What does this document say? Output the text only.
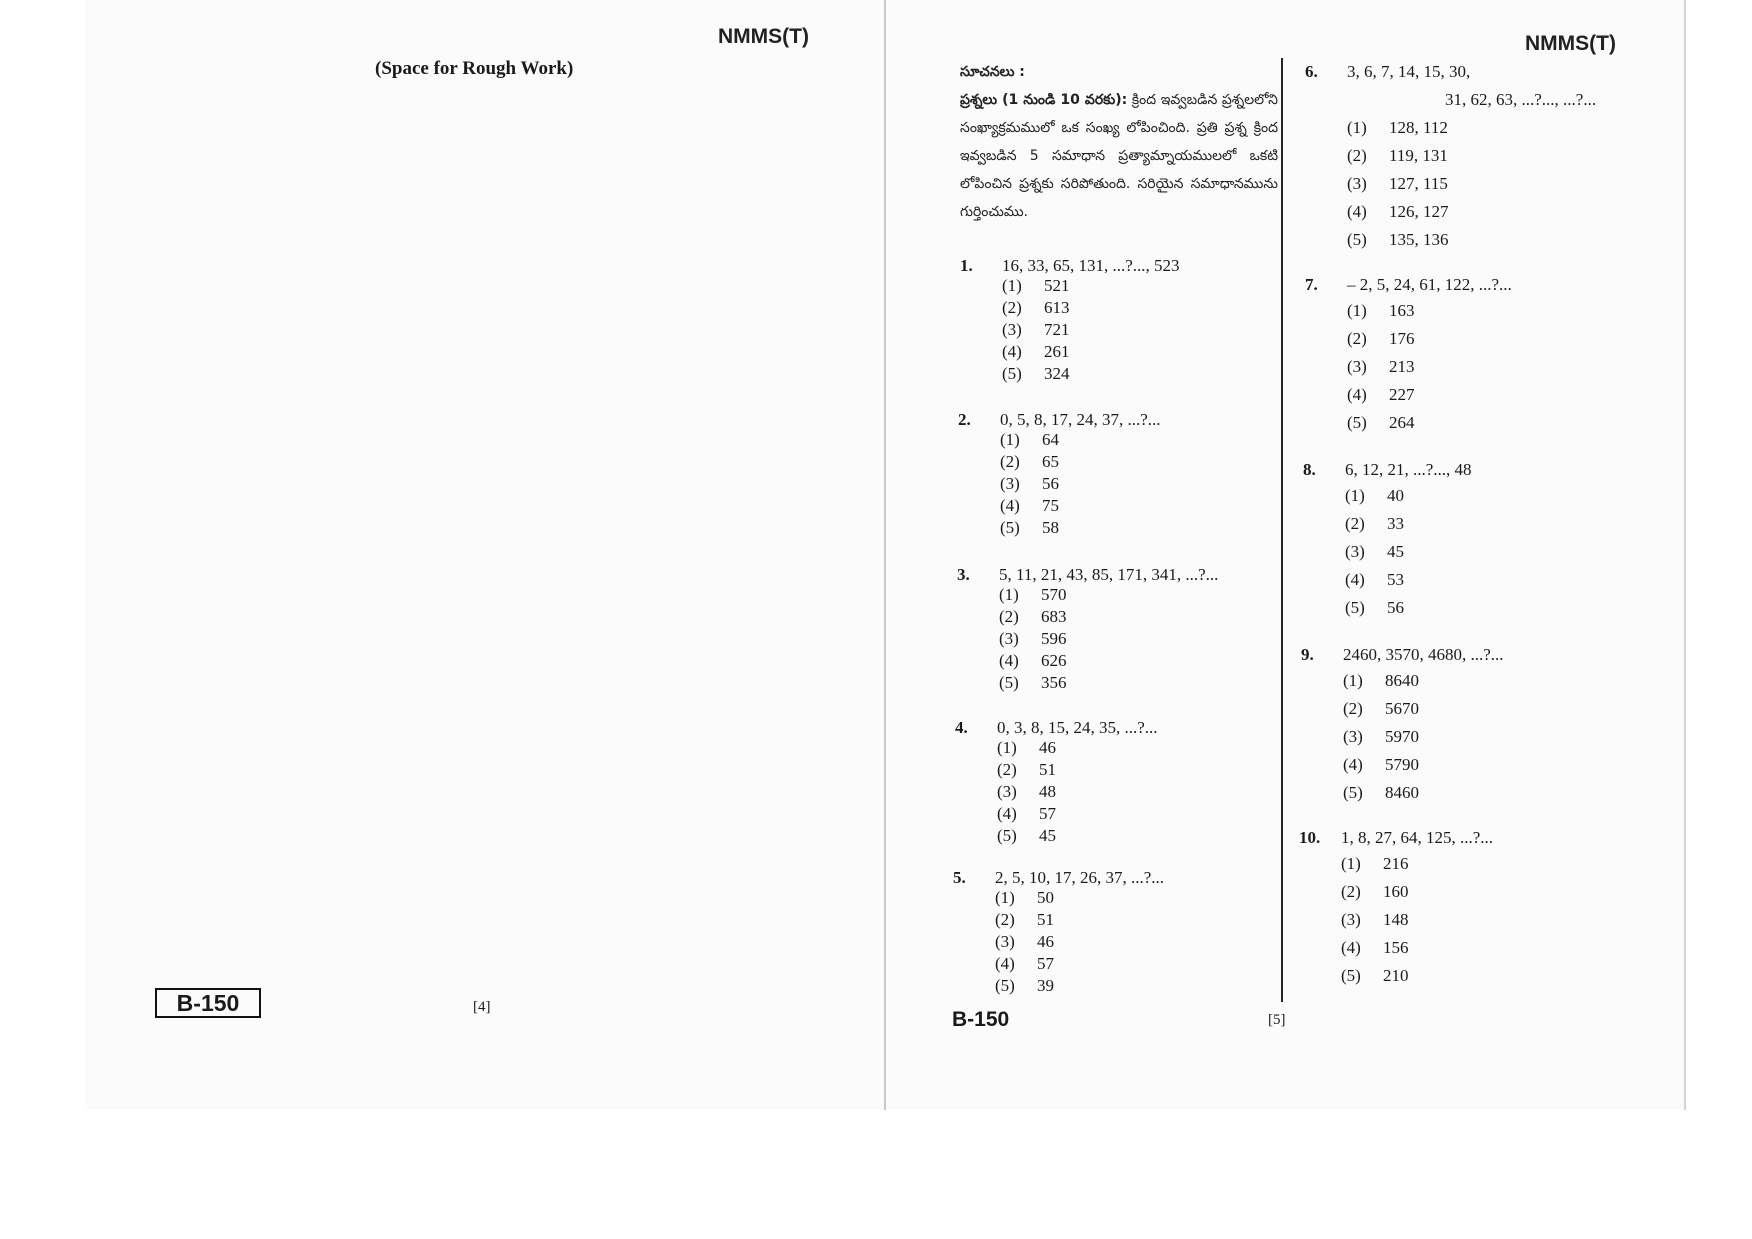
NMMS(T)
(Space for Rough Work)
B-150	[4]
NMMS(T)
సూచనలు :
ప్రశ్నలు (1 నుండి 10 వరకు): క్రింద ఇవ్వబడిన ప్రశ్నలలోని సంఖ్యాక్రమములో ఒక సంఖ్య లోపించింది. ప్రతి ప్రశ్న క్రింద ఇవ్వబడిన 5 సమాధాన ప్రత్యామ్నాయములలో ఒకటి లోపించిన ప్రశ్నకు సరిపోతుంది. సరియైన సమాధానమును గుర్తించుము.
1. 16, 33, 65, 131, ...?..., 523
(1) 521
(2) 613
(3) 721
(4) 261
(5) 324
2. 0, 5, 8, 17, 24, 37, ...?...
(1) 64
(2) 65
(3) 56
(4) 75
(5) 58
3. 5, 11, 21, 43, 85, 171, 341, ...?...
(1) 570
(2) 683
(3) 596
(4) 626
(5) 356
4. 0, 3, 8, 15, 24, 35, ...?...
(1) 46
(2) 51
(3) 48
(4) 57
(5) 45
5. 2, 5, 10, 17, 26, 37, ...?...
(1) 50
(2) 51
(3) 46
(4) 57
(5) 39
6. 3, 6, 7, 14, 15, 30,
31, 62, 63, ...?..., ...?...
(1) 128, 112
(2) 119, 131
(3) 127, 115
(4) 126, 127
(5) 135, 136
7. – 2, 5, 24, 61, 122, ...?...
(1) 163
(2) 176
(3) 213
(4) 227
(5) 264
8. 6, 12, 21, ...?..., 48
(1) 40
(2) 33
(3) 45
(4) 53
(5) 56
9. 2460, 3570, 4680, ...?...
(1) 8640
(2) 5670
(3) 5970
(4) 5790
(5) 8460
10. 1, 8, 27, 64, 125, ...?...
(1) 216
(2) 160
(3) 148
(4) 156
(5) 210
B-150	[5]
